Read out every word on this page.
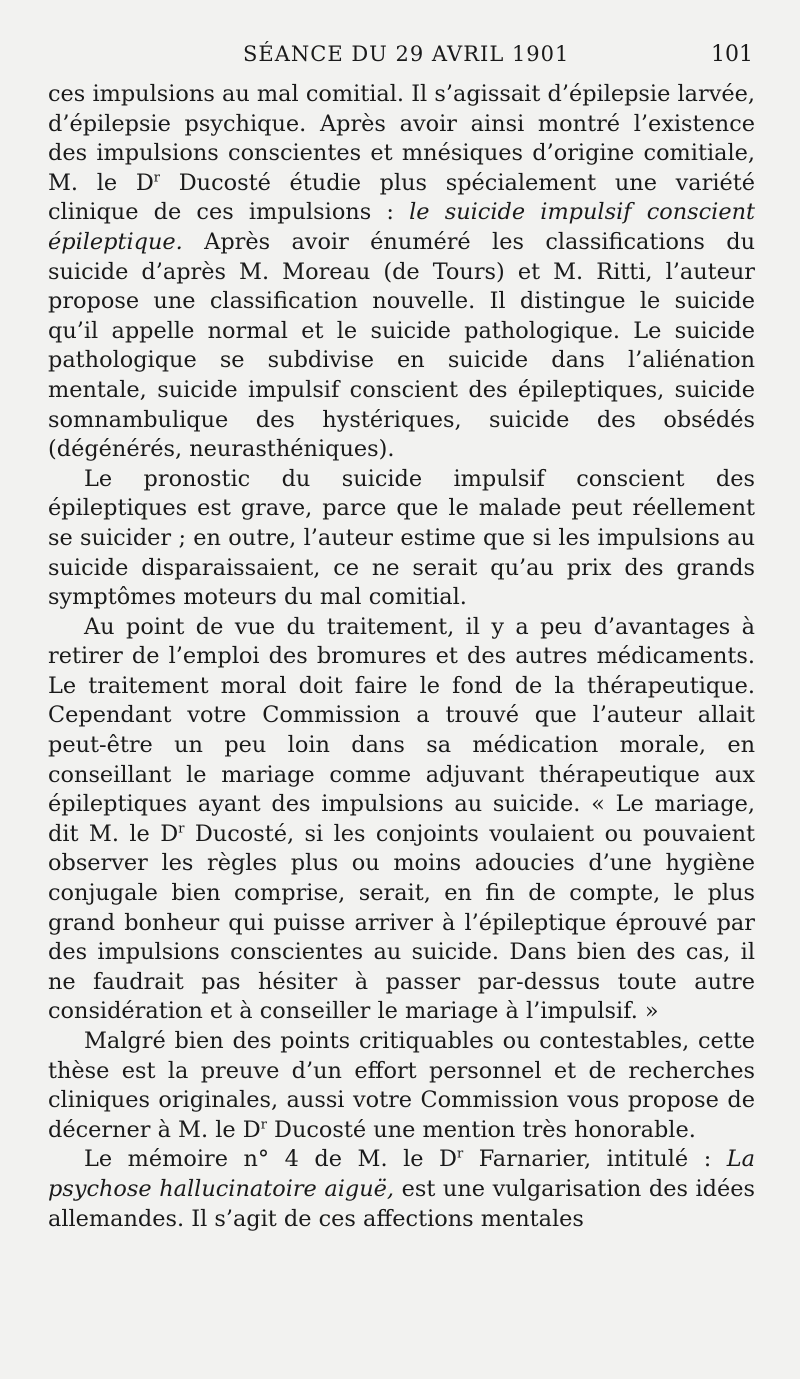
SÉANCE DU 29 AVRIL 1901	101

ces impulsions au mal comitial. Il s’agissait d’épilepsie larvée, d’épilepsie psychique. Après avoir ainsi montré l’existence des impulsions conscientes et mnésiques d’origine comitiale, M. le $D^r$ Ducosté étudie plus spécialement une variété clinique de ces impulsions : le suicide impulsif conscient épileptique. Après avoir énuméré les classifications du suicide d’après M. Moreau (de Tours) et M. Ritti, l’auteur propose une classification nouvelle. Il distingue le suicide qu’il appelle normal et le suicide pathologique. Le suicide pathologique se subdivise en suicide dans l’aliénation mentale, suicide impulsif conscient des épileptiques, suicide somnambulique des hystériques, suicide des obsédés (dégénérés, neurasthéniques).

Le pronostic du suicide impulsif conscient des épileptiques est grave, parce que le malade peut réellement se suicider ; en outre, l’auteur estime que si les impulsions au suicide disparaissaient, ce ne serait qu’au prix des grands symptômes moteurs du mal comitial.

Au point de vue du traitement, il y a peu d’avantages à retirer de l’emploi des bromures et des autres médicaments. Le traitement moral doit faire le fond de la thérapeutique. Cependant votre Commission a trouvé que l’auteur allait peut-être un peu loin dans sa médication morale, en conseillant le mariage comme adjuvant thérapeutique aux épileptiques ayant des impulsions au suicide. « Le mariage, dit M. le $D^r$ Ducosté, si les conjoints voulaient ou pouvaient observer les règles plus ou moins adoucies d’une hygiène conjugale bien comprise, serait, en fin de compte, le plus grand bonheur qui puisse arriver à l’épileptique éprouvé par des impulsions conscientes au suicide. Dans bien des cas, il ne faudrait pas hésiter à passer par-dessus toute autre considération et à conseiller le mariage à l’impulsif. »

Malgré bien des points critiquables ou contestables, cette thèse est la preuve d’un effort personnel et de recherches cliniques originales, aussi votre Commission vous propose de décerner à M. le $D^r$ Ducosté une mention très honorable.

Le mémoire n° 4 de M. le $D^r$ Farnarier, intitulé : La psychose hallucinatoire aiguë, est une vulgarisation des idées allemandes. Il s’agit de ces affections mentales
